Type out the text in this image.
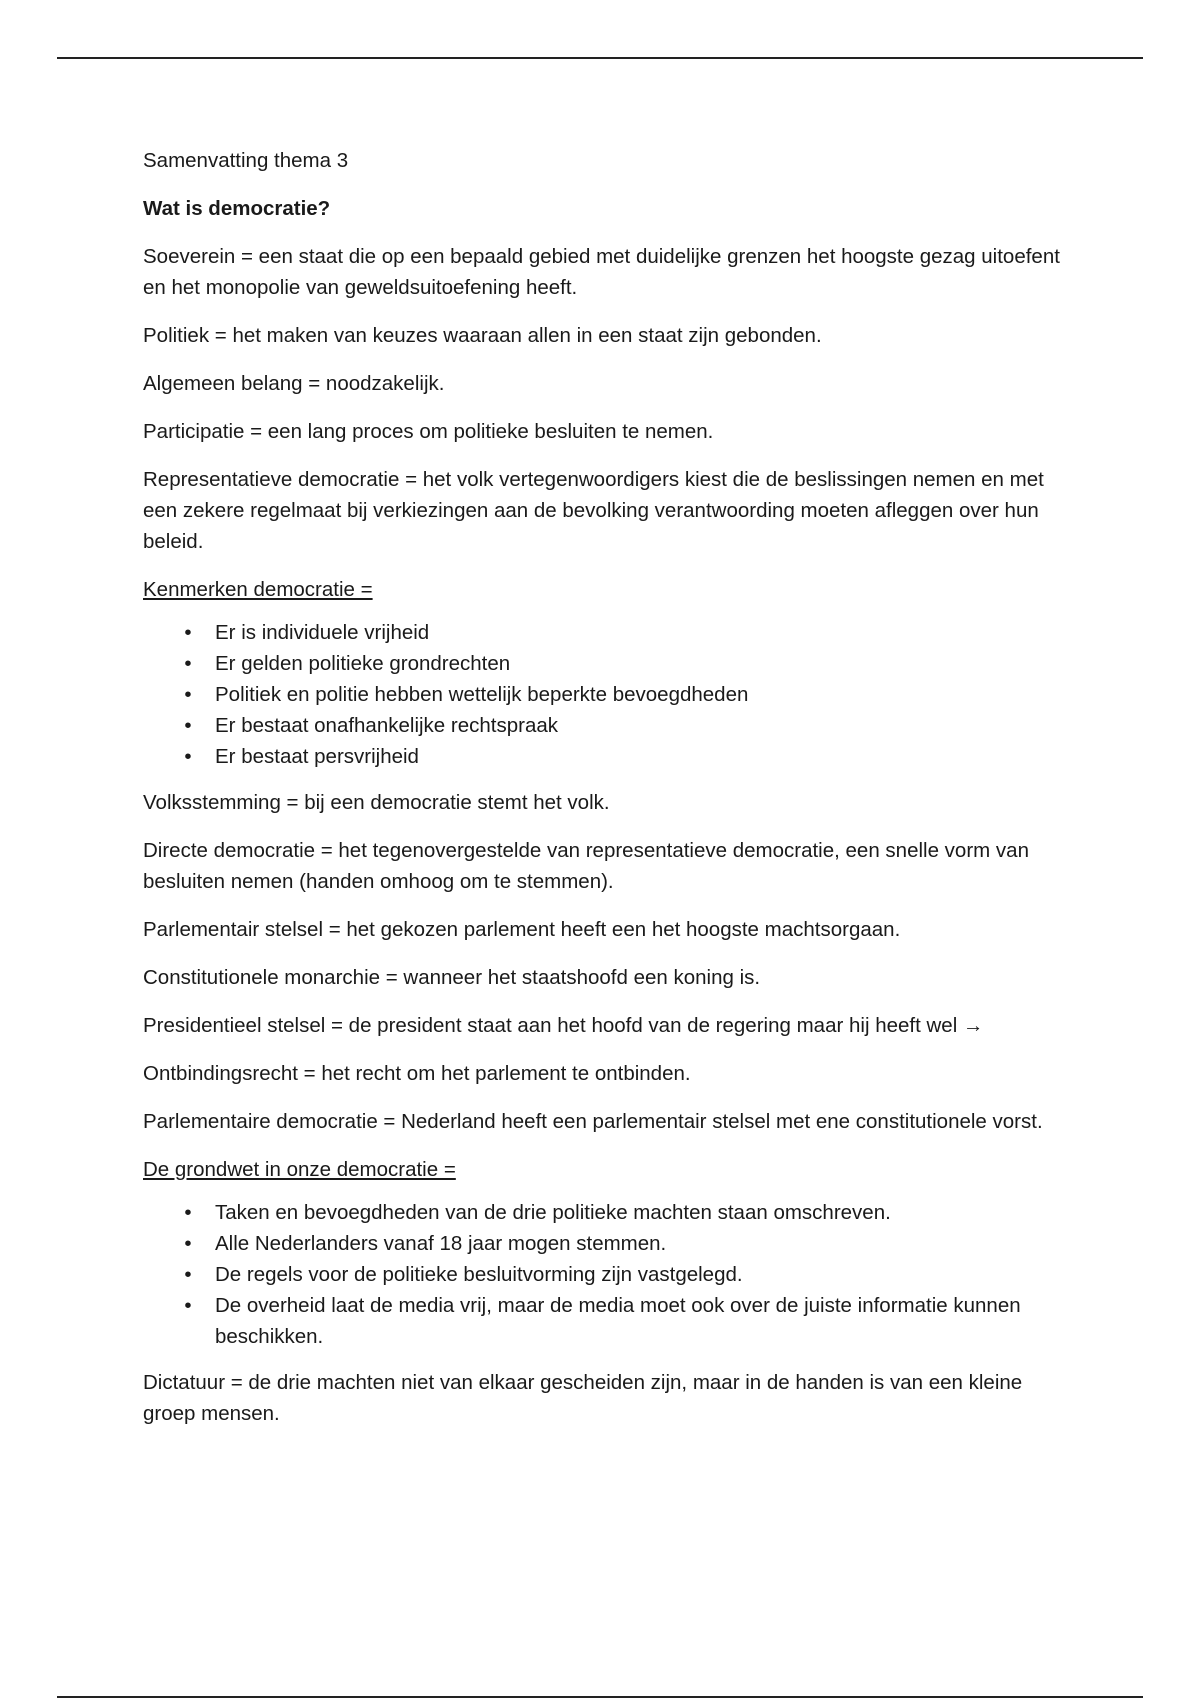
Samenvatting thema 3

Wat is democratie?

Soeverein = een staat die op een bepaald gebied met duidelijke grenzen het hoogste gezag uitoefent en het monopolie van geweldsuitoefening heeft.

Politiek = het maken van keuzes waaraan allen in een staat zijn gebonden.

Algemeen belang = noodzakelijk.

Participatie = een lang proces om politieke besluiten te nemen.

Representatieve democratie = het volk vertegenwoordigers kiest die de beslissingen nemen en met een zekere regelmaat bij verkiezingen aan de bevolking verantwoording moeten afleggen over hun beleid.

Kenmerken democratie =

• Er is individuele vrijheid
• Er gelden politieke grondrechten
• Politiek en politie hebben wettelijk beperkte bevoegdheden
• Er bestaat onafhankelijke rechtspraak
• Er bestaat persvrijheid

Volksstemming = bij een democratie stemt het volk.

Directe democratie = het tegenovergestelde van representatieve democratie, een snelle vorm van besluiten nemen (handen omhoog om te stemmen).

Parlementair stelsel = het gekozen parlement heeft een het hoogste machtsorgaan.

Constitutionele monarchie = wanneer het staatshoofd een koning is.

Presidentieel stelsel = de president staat aan het hoofd van de regering maar hij heeft wel →

Ontbindingsrecht = het recht om het parlement te ontbinden.

Parlementaire democratie = Nederland heeft een parlementair stelsel met ene constitutionele vorst.

De grondwet in onze democratie =

• Taken en bevoegdheden van de drie politieke machten staan omschreven.
• Alle Nederlanders vanaf 18 jaar mogen stemmen.
• De regels voor de politieke besluitvorming zijn vastgelegd.
• De overheid laat de media vrij, maar de media moet ook over de juiste informatie kunnen beschikken.

Dictatuur = de drie machten niet van elkaar gescheiden zijn, maar in de handen is van een kleine groep mensen.
